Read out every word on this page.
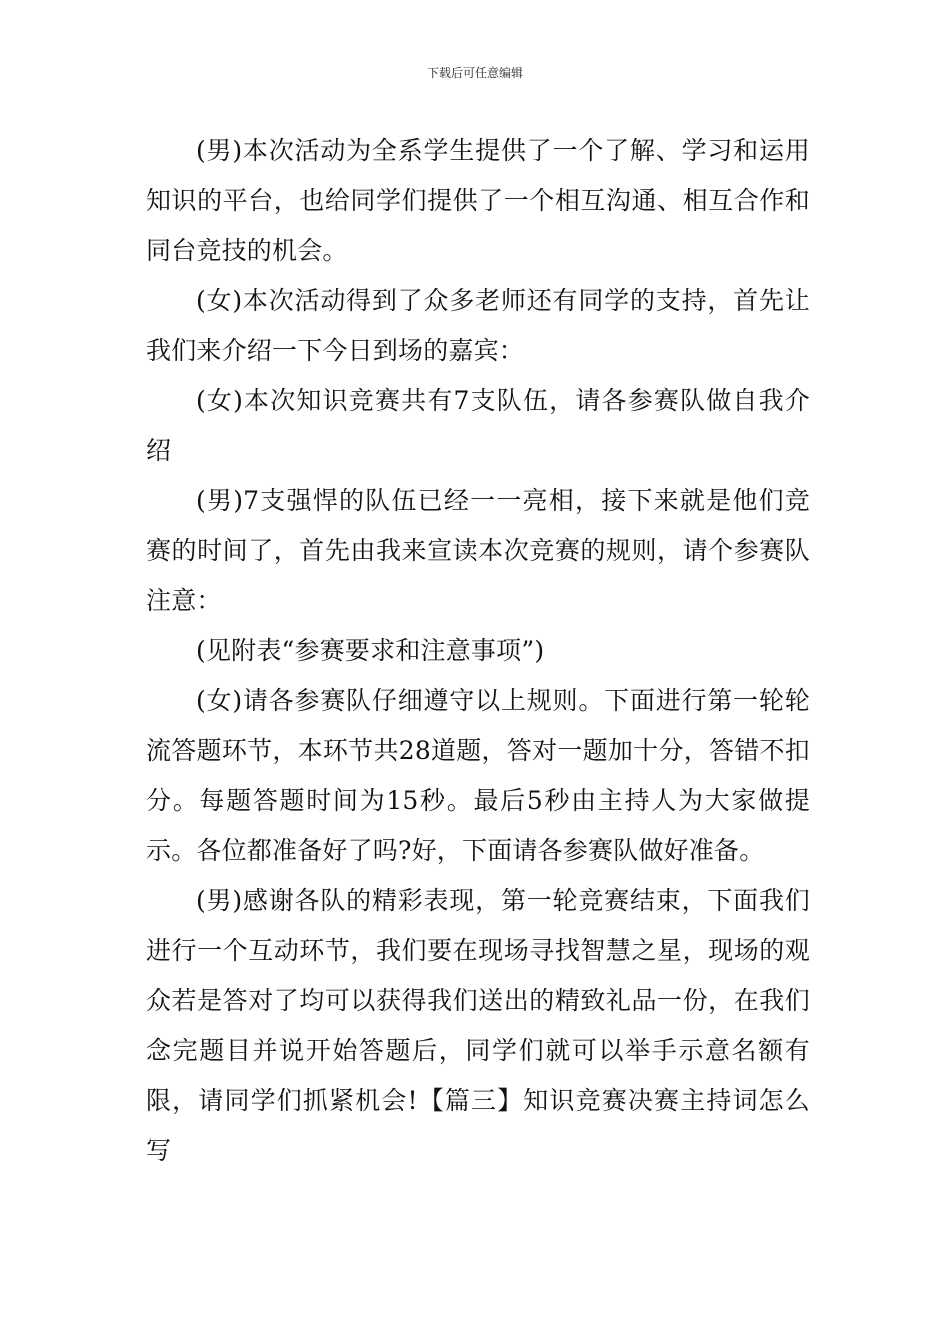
下载后可任意编辑

(男)本次活动为全系学生提供了一个了解、学习和运用知识的平台，也给同学们提供了一个相互沟通、相互合作和同台竞技的机会。

(女)本次活动得到了众多老师还有同学的支持，首先让我们来介绍一下今日到场的嘉宾：

(女)本次知识竞赛共有7支队伍，请各参赛队做自我介绍

(男)7支强悍的队伍已经一一亮相，接下来就是他们竞赛的时间了，首先由我来宣读本次竞赛的规则，请个参赛队注意：

(见附表“参赛要求和注意事项”)

(女)请各参赛队仔细遵守以上规则。下面进行第一轮轮流答题环节，本环节共28道题，答对一题加十分，答错不扣分。每题答题时间为15秒。最后5秒由主持人为大家做提示。各位都准备好了吗?好，下面请各参赛队做好准备。

(男)感谢各队的精彩表现，第一轮竞赛结束，下面我们进行一个互动环节，我们要在现场寻找智慧之星，现场的观众若是答对了均可以获得我们送出的精致礼品一份，在我们念完题目并说开始答题后，同学们就可以举手示意名额有限，请同学们抓紧机会!【篇三】知识竞赛决赛主持词怎么写
